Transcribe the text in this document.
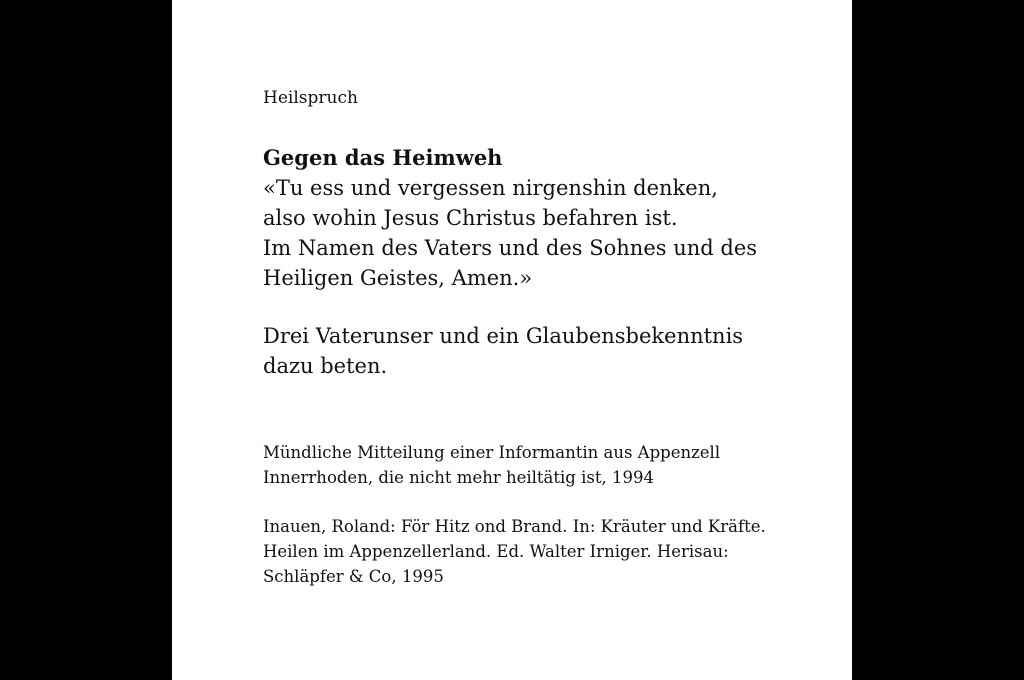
Heilspruch

Gegen das Heimweh
«Tu ess und vergessen nirgenshin denken,
also wohin Jesus Christus befahren ist.
Im Namen des Vaters und des Sohnes und des
Heiligen Geistes, Amen.»

Drei Vaterunser und ein Glaubensbekenntnis
dazu beten.

Mündliche Mitteilung einer Informantin aus Appenzell
Innerrhoden, die nicht mehr heiltätig ist, 1994

Inauen, Roland: För Hitz ond Brand. In: Kräuter und Kräfte.
Heilen im Appenzellerland. Ed. Walter Irniger. Herisau:
Schläpfer & Co, 1995
